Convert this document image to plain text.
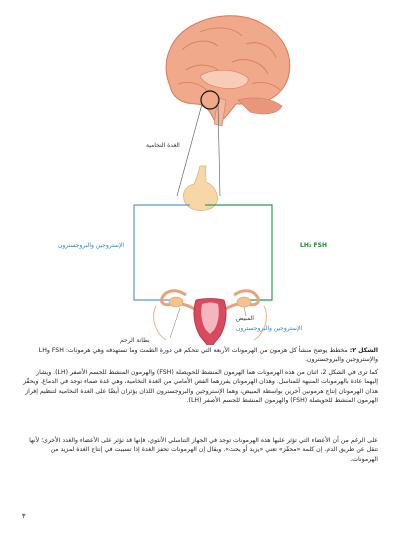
الغدة النخامية
الإستروجين والبروجسترون	LH₂ FSH
المبيض
الإستروجين والبروجسترون
بطانة الرحم
الشكل ٢: مخطط يوضح منشأ كل هرمون من الهرمونات الأربعة التي تتحكم في دورة الطمث وما تستهدفه وهي هرمونات: FSH وLH والإستروجين والبروجسترون.

كما ترى في الشكل 2، اثنان من هذه الهرمونات هما الهرمون المنشط للحويصلة (FSH) والهرمون المنشط للجسم الأصفر (LH). ويشار إليهما عادة بالهرمونات المنبهة للمناسل. وهذان الهرمونان يفرزهما الفص الأمامي من الغدة النخامية، وهي غدة صماء توجد في الدماغ. ويحفّز هذان الهرمونان إنتاج هرمونين آخرين بواسطة المبيض، وهما الإستروجين والبروجسترون اللذان يؤثران أيضًا على الغدة النخامية لتنظيم إفراز الهرمون المنشط للحويصلة (FSH) والهرمون المنشط للجسم الأصفر (LH).

على الرغم من أن الأعضاء التي تؤثر عليها هذه الهرمونات توجد في الجهاز التناسلي الأنثوي، فإنها قد تؤثر على الأعضاء والغدد الأخرى؛ لأنها تنقل عن طريق الدم. إن كلمة «محفّز» تعني «يزيد أو يحث». ويقال إن الهرمونات تحفز الغدة إذا تسببت في إنتاج الغدة لمزيد من الهرمونات.

٣
